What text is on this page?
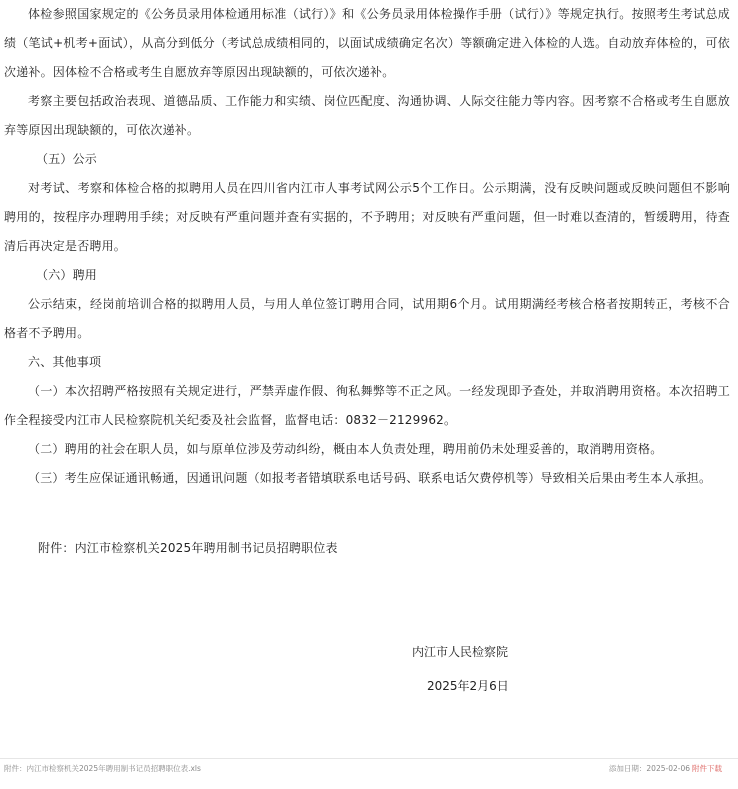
体检参照国家规定的《公务员录用体检通用标准（试行）》和《公务员录用体检操作手册（试行）》等规定执行。按照考生考试总成绩（笔试+机考+面试），从高分到低分（考试总成绩相同的，以面试成绩确定名次）等额确定进入体检的人选。自动放弃体检的，可依次递补。因体检不合格或考生自愿放弃等原因出现缺额的，可依次递补。

考察主要包括政治表现、道德品质、工作能力和实绩、岗位匹配度、沟通协调、人际交往能力等内容。因考察不合格或考生自愿放弃等原因出现缺额的，可依次递补。

（五）公示

对考试、考察和体检合格的拟聘用人员在四川省内江市人事考试网公示5个工作日。公示期满，没有反映问题或反映问题但不影响聘用的，按程序办理聘用手续；对反映有严重问题并查有实据的，不予聘用；对反映有严重问题，但一时难以查清的，暂缓聘用，待查清后再决定是否聘用。

（六）聘用

公示结束，经岗前培训合格的拟聘用人员，与用人单位签订聘用合同，试用期6个月。试用期满经考核合格者按期转正，考核不合格者不予聘用。

六、其他事项

（一）本次招聘严格按照有关规定进行，严禁弄虚作假、徇私舞弊等不正之风。一经发现即予查处，并取消聘用资格。本次招聘工作全程接受内江市人民检察院机关纪委及社会监督，监督电话：0832－2129962。

（二）聘用的社会在职人员，如与原单位涉及劳动纠纷，概由本人负责处理，聘用前仍未处理妥善的，取消聘用资格。

（三）考生应保证通讯畅通，因通讯问题（如报考者错填联系电话号码、联系电话欠费停机等）导致相关后果由考生本人承担。

附件：内江市检察机关2025年聘用制书记员招聘职位表

内江市人民检察院
2025年2月6日
附件：内江市检察机关2025年聘用制书记员招聘职位表.xls	添加日期：2025-02-06 附件下载
